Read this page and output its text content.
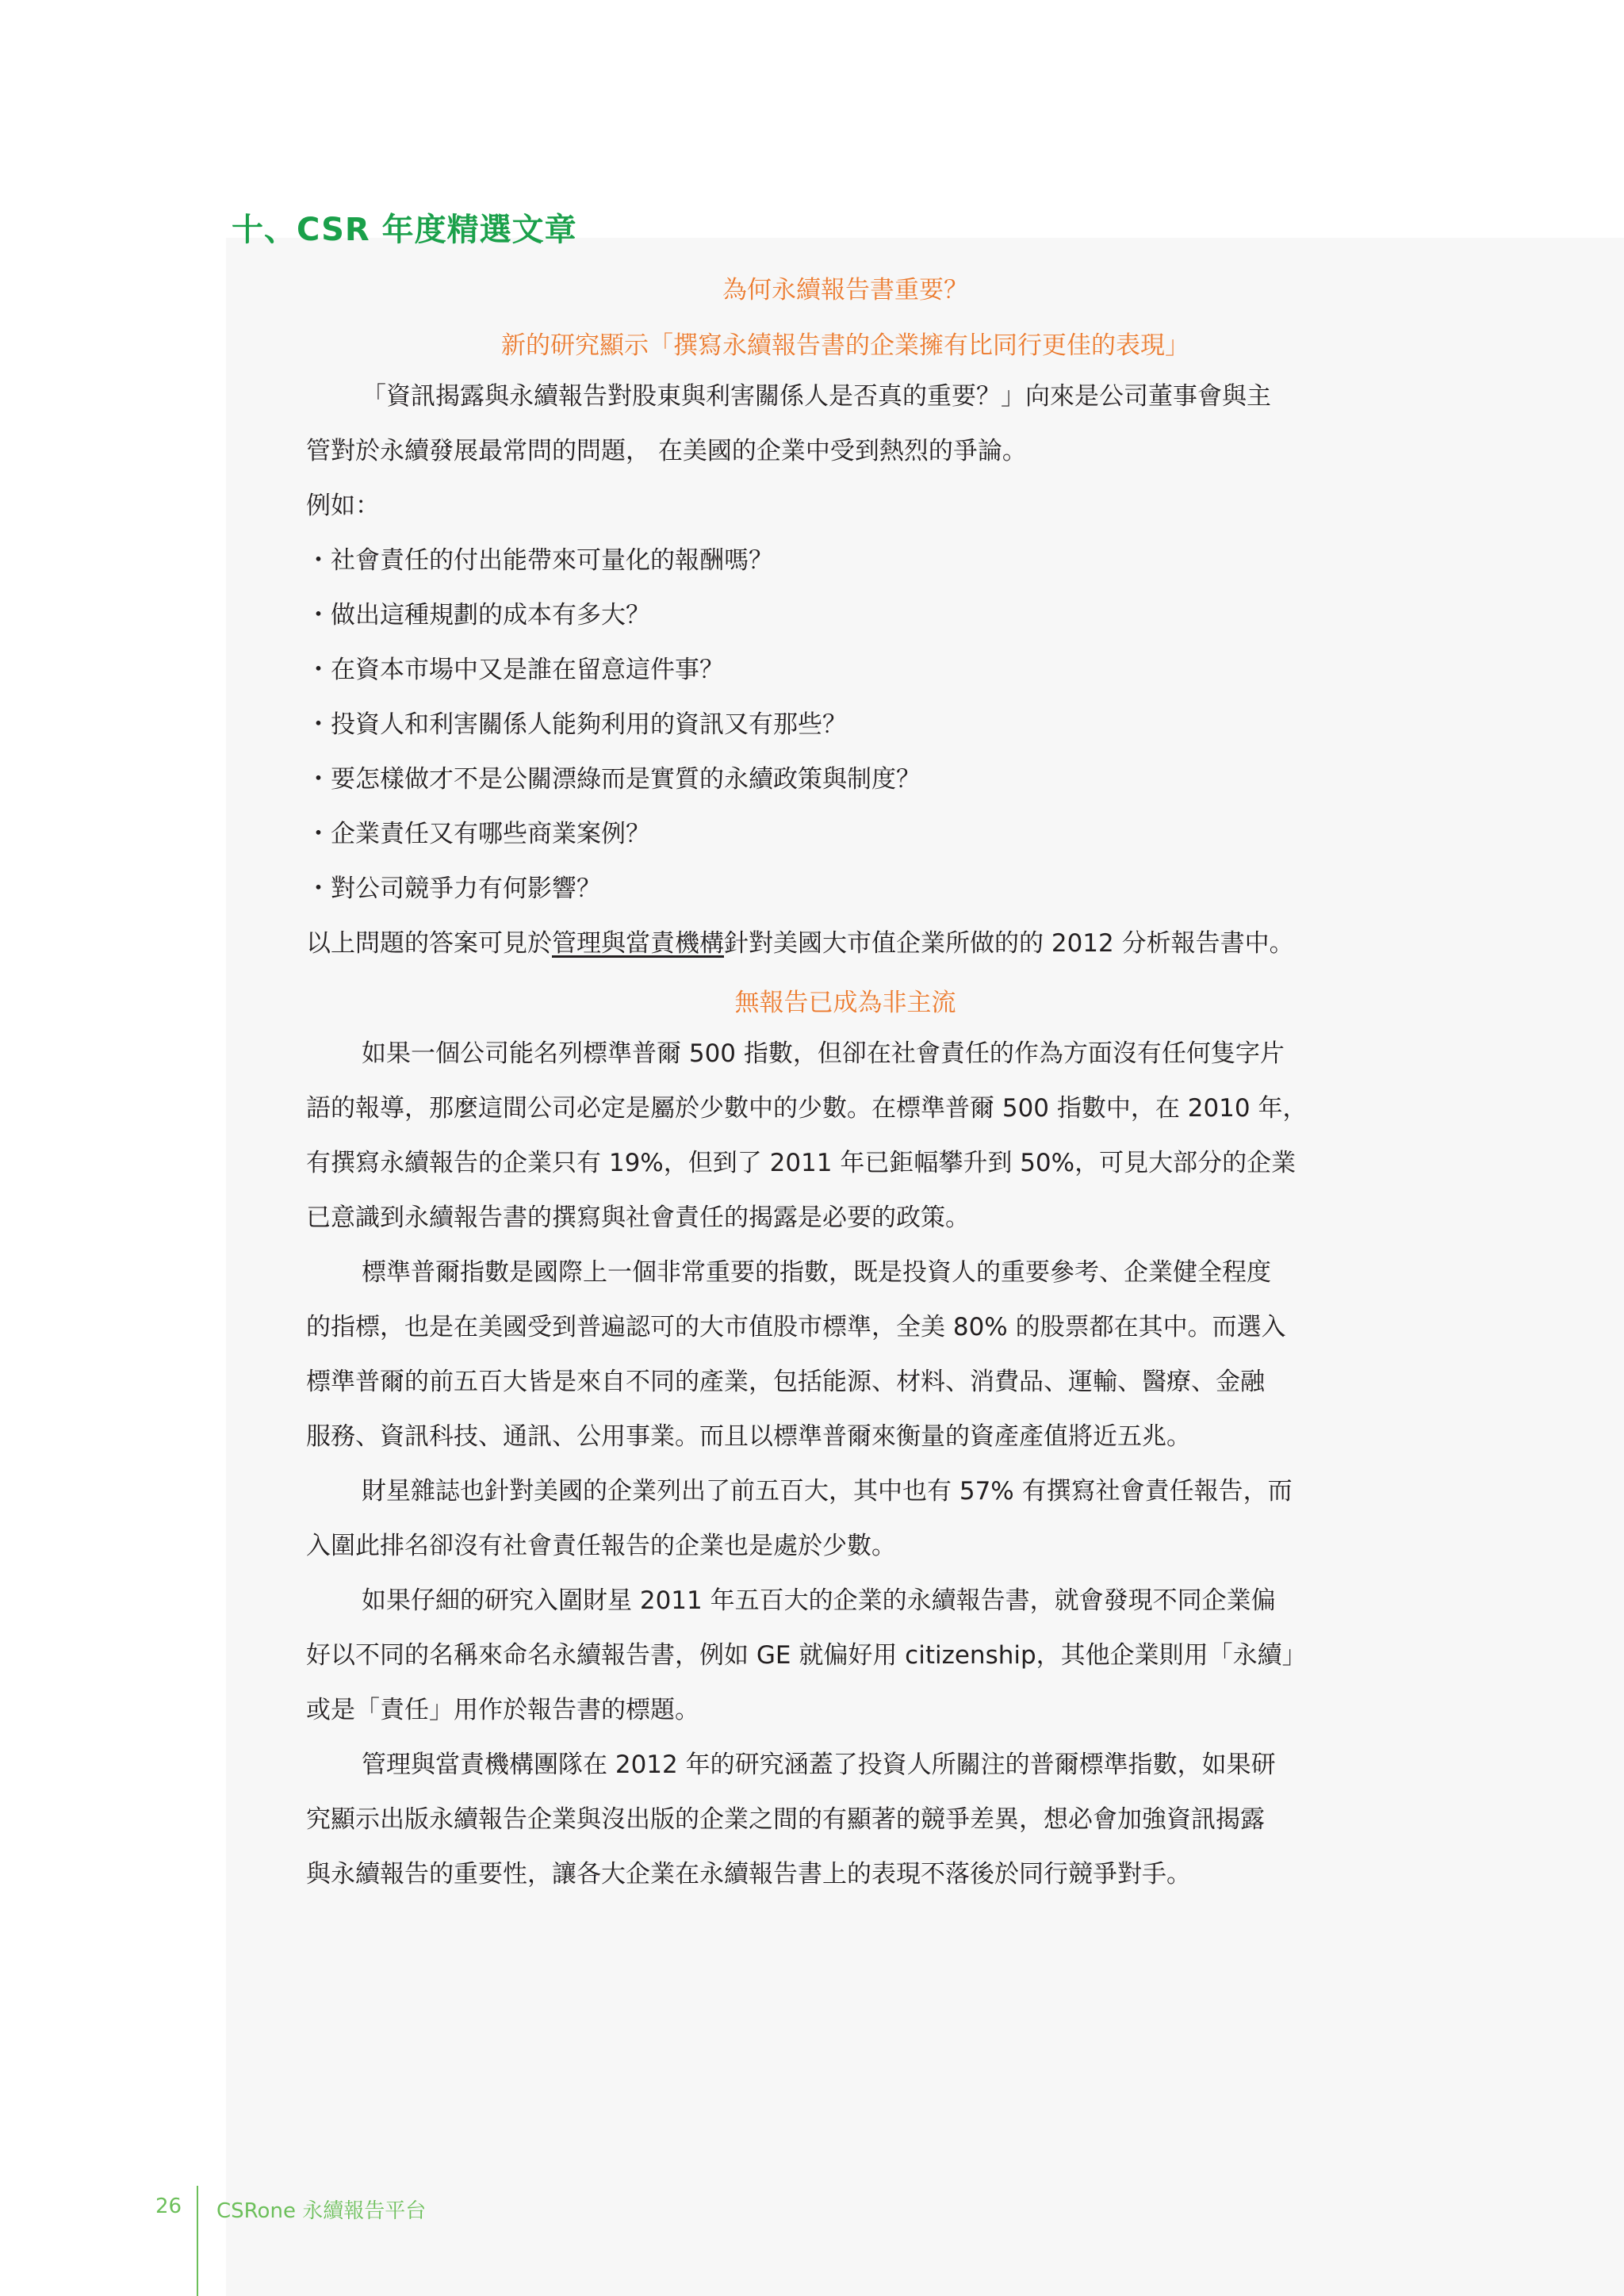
十、CSR 年度精選文章
為何永續報告書重要？
新的研究顯示「撰寫永續報告書的企業擁有比同行更佳的表現」
「資訊揭露與永續報告對股東與利害關係人是否真的重要？」向來是公司董事會與主
管對於永續發展最常問的問題， 在美國的企業中受到熱烈的爭論。
例如：
・社會責任的付出能帶來可量化的報酬嗎？
・做出這種規劃的成本有多大？
・在資本市場中又是誰在留意這件事？
・投資人和利害關係人能夠利用的資訊又有那些？
・要怎樣做才不是公關漂綠而是實質的永續政策與制度？
・企業責任又有哪些商業案例？
・對公司競爭力有何影響？
以上問題的答案可見於管理與當責機構針對美國大市值企業所做的的 2012 分析報告書中。
無報告已成為非主流
如果一個公司能名列標準普爾 500 指數，但卻在社會責任的作為方面沒有任何隻字片
語的報導，那麼這間公司必定是屬於少數中的少數。在標準普爾 500 指數中，在 2010 年，
有撰寫永續報告的企業只有 19%，但到了 2011 年已鉅幅攀升到 50%，可見大部分的企業
已意識到永續報告書的撰寫與社會責任的揭露是必要的政策。
標準普爾指數是國際上一個非常重要的指數，既是投資人的重要參考、企業健全程度
的指標，也是在美國受到普遍認可的大市值股市標準，全美 80% 的股票都在其中。而選入
標準普爾的前五百大皆是來自不同的產業，包括能源、材料、消費品、運輸、醫療、金融
服務、資訊科技、通訊、公用事業。而且以標準普爾來衡量的資產產值將近五兆。
財星雜誌也針對美國的企業列出了前五百大，其中也有 57% 有撰寫社會責任報告，而
入圍此排名卻沒有社會責任報告的企業也是處於少數。
如果仔細的研究入圍財星 2011 年五百大的企業的永續報告書，就會發現不同企業偏
好以不同的名稱來命名永續報告書，例如 GE 就偏好用 citizenship，其他企業則用「永續」
或是「責任」用作於報告書的標題。
管理與當責機構團隊在 2012 年的研究涵蓋了投資人所關注的普爾標準指數，如果研
究顯示出版永續報告企業與沒出版的企業之間的有顯著的競爭差異，想必會加強資訊揭露
與永續報告的重要性，讓各大企業在永續報告書上的表現不落後於同行競爭對手。
26 CSRone 永續報告平台
